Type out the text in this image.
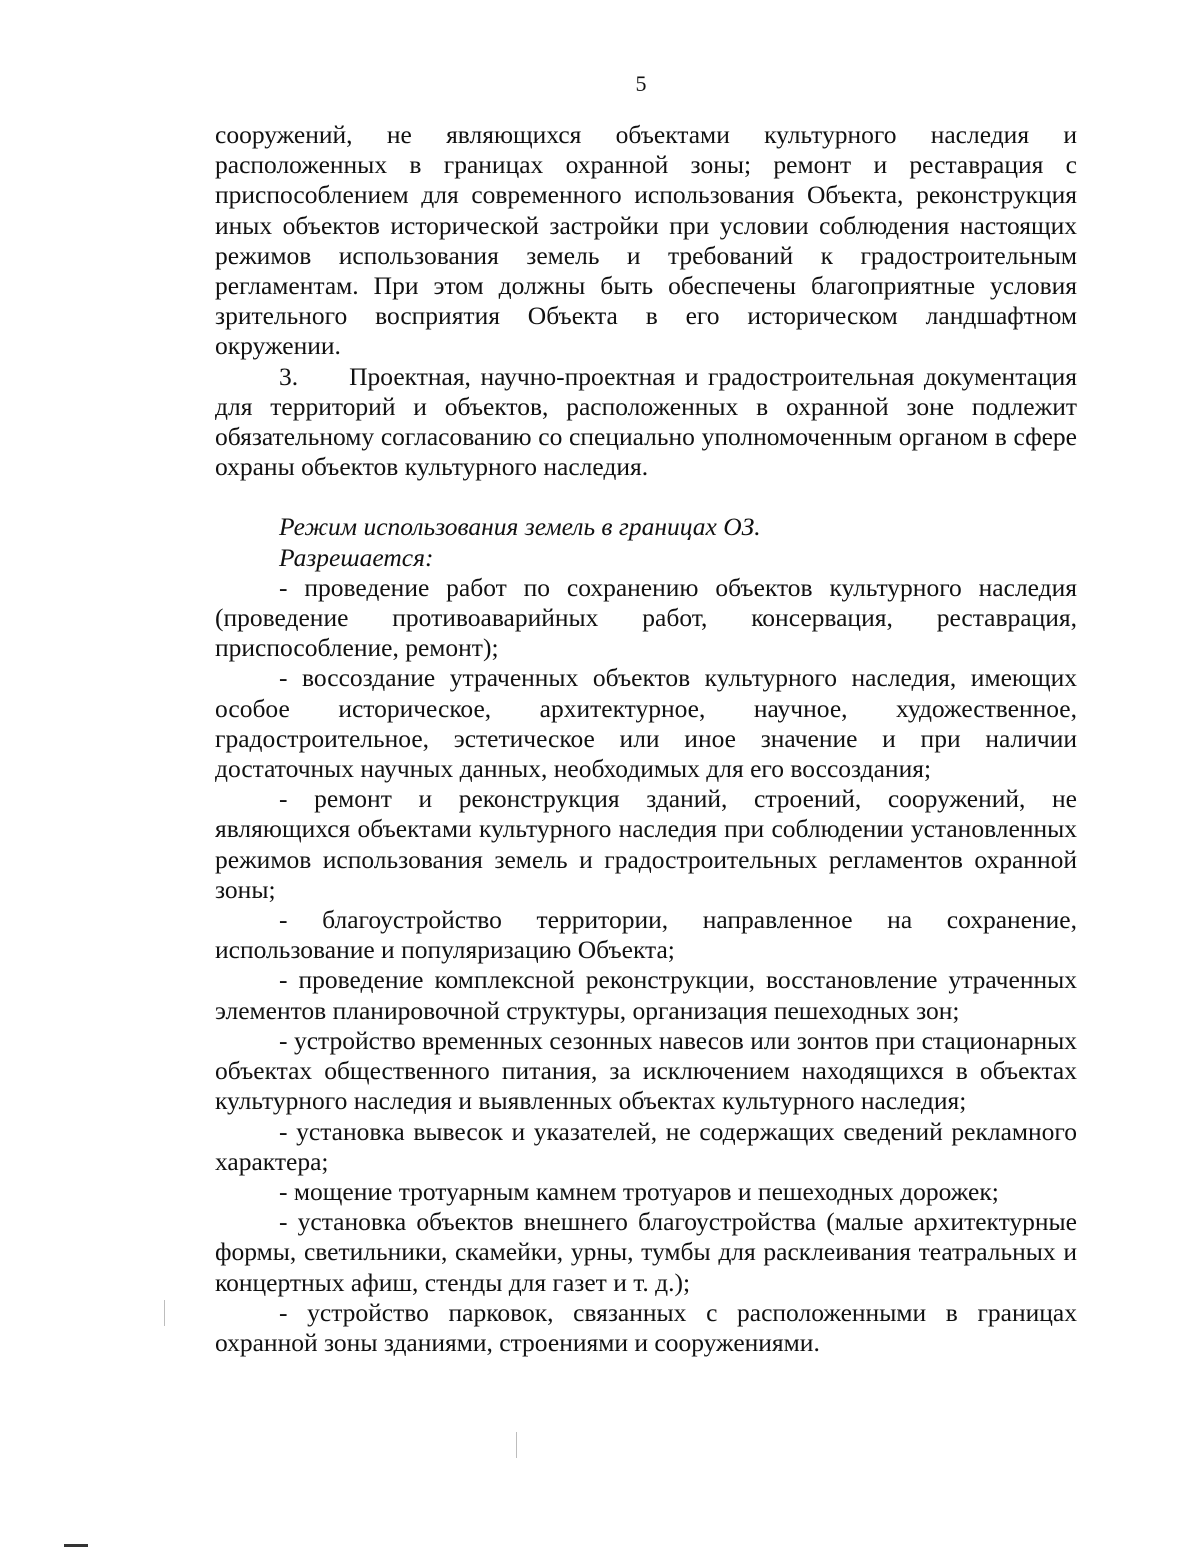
5

сооружений, не являющихся объектами культурного наследия и расположенных в границах охранной зоны; ремонт и реставрация с приспособлением для современного использования Объекта, реконструкция иных объектов исторической застройки при условии соблюдения настоящих режимов использования земель и требований к градостроительным регламентам. При этом должны быть обеспечены благоприятные условия зрительного восприятия Объекта в его историческом ландшафтном окружении.

3.  Проектная, научно-проектная и градостроительная документация для территорий и объектов, расположенных в охранной зоне подлежит обязательному согласованию со специально уполномоченным органом в сфере охраны объектов культурного наследия.

Режим использования земель в границах ОЗ.

Разрешается:

- проведение работ по сохранению объектов культурного наследия (проведение противоаварийных работ, консервация, реставрация, приспособление, ремонт);

- воссоздание утраченных объектов культурного наследия, имеющих особое историческое, архитектурное, научное, художественное, градостроительное, эстетическое или иное значение и при наличии достаточных научных данных, необходимых для его воссоздания;

- ремонт и реконструкция зданий, строений, сооружений, не являющихся объектами культурного наследия при соблюдении установленных режимов использования земель и градостроительных регламентов охранной зоны;

- благоустройство территории, направленное на сохранение, использование и популяризацию Объекта;

- проведение комплексной реконструкции, восстановление утраченных элементов планировочной структуры, организация пешеходных зон;

- устройство временных сезонных навесов или зонтов при стационарных объектах общественного питания, за исключением находящихся в объектах культурного наследия и выявленных объектах культурного наследия;

- установка вывесок и указателей, не содержащих сведений рекламного характера;

- мощение тротуарным камнем тротуаров и пешеходных дорожек;

- установка объектов внешнего благоустройства (малые архитектурные формы, светильники, скамейки, урны, тумбы для расклеивания театральных и концертных афиш, стенды для газет и т. д.);

- устройство парковок, связанных с расположенными в границах охранной зоны зданиями, строениями и сооружениями.
